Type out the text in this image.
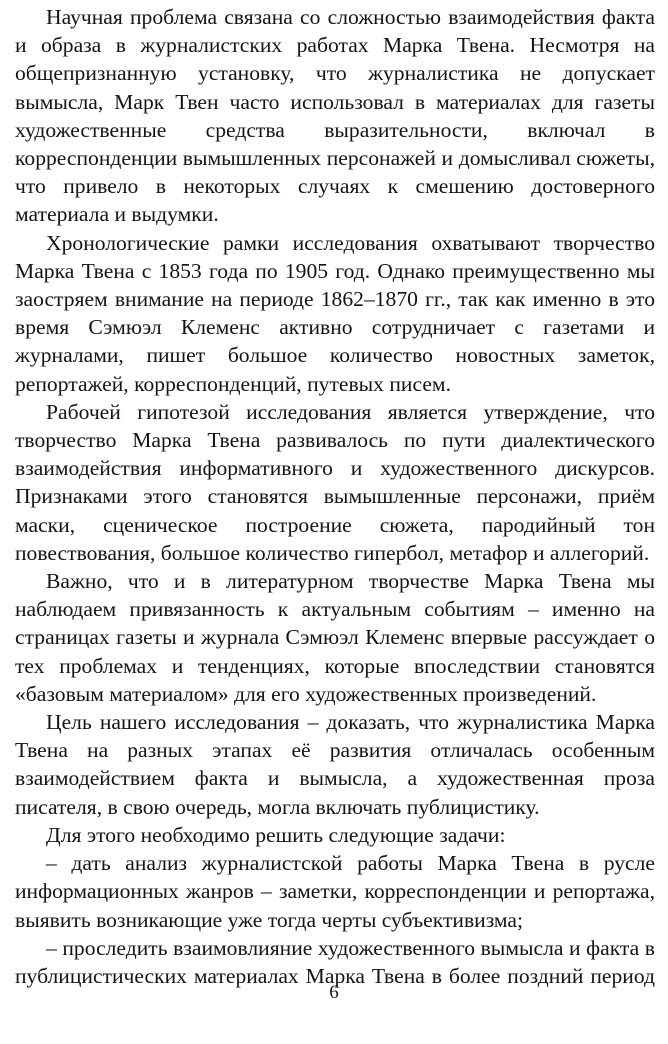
Научная проблема связана со сложностью взаимодействия факта и образа в журналистских работах Марка Твена. Несмотря на общепризнанную установку, что журналистика не допускает вымысла, Марк Твен часто использовал в материалах для газеты художественные средства выразительности, включал в корреспонденции вымышленных персонажей и домысливал сюжеты, что привело в некоторых случаях к смешению достоверного материала и выдумки.

Хронологические рамки исследования охватывают творчество Марка Твена с 1853 года по 1905 год. Однако преимущественно мы заостряем внимание на периоде 1862–1870 гг., так как именно в это время Сэмюэл Клеменс активно сотрудничает с газетами и журналами, пишет большое количество новостных заметок, репортажей, корреспонденций, путевых писем.

Рабочей гипотезой исследования является утверждение, что творчество Марка Твена развивалось по пути диалектического взаимодействия информативного и художественного дискурсов. Признаками этого становятся вымышленные персонажи, приём маски, сценическое построение сюжета, пародийный тон повествования, большое количество гипербол, метафор и аллегорий.

Важно, что и в литературном творчестве Марка Твена мы наблюдаем привязанность к актуальным событиям – именно на страницах газеты и журнала Сэмюэл Клеменс впервые рассуждает о тех проблемах и тенденциях, которые впоследствии становятся «базовым материалом» для его художественных произведений.

Цель нашего исследования – доказать, что журналистика Марка Твена на разных этапах её развития отличалась особенным взаимодействием факта и вымысла, а художественная проза писателя, в свою очередь, могла включать публицистику.

Для этого необходимо решить следующие задачи:

– дать анализ журналистской работы Марка Твена в русле информационных жанров – заметки, корреспонденции и репортажа, выявить возникающие уже тогда черты субъективизма;

– проследить взаимовлияние художественного вымысла и факта в публицистических материалах Марка Твена в более поздний период

6
